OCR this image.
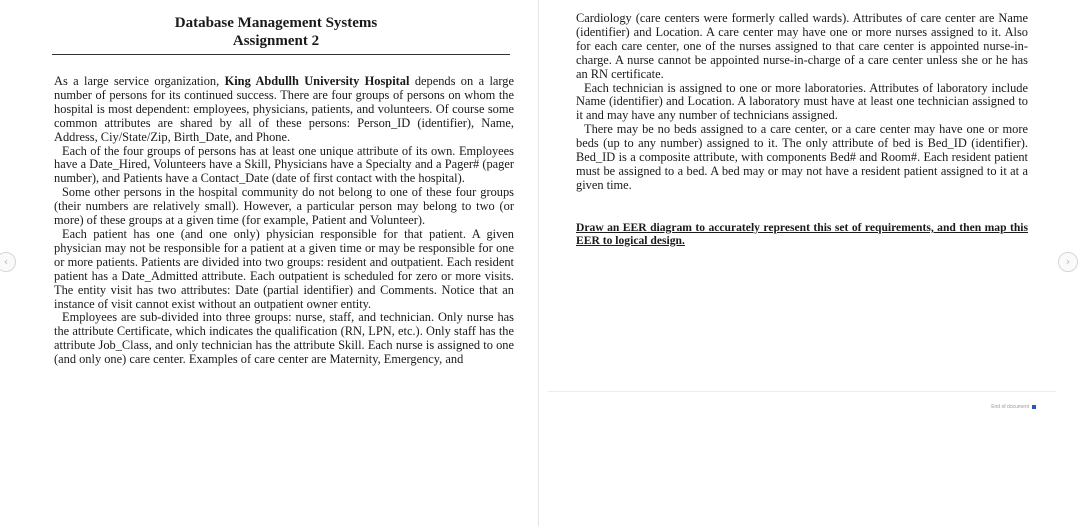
‹
Database Management Systems
Assignment 2

As a large service organization, King Abdullh University Hospital depends on a large number of persons for its continued success. There are four groups of persons on whom the hospital is most dependent: employees, physicians, patients, and volunteers. Of course some common attributes are shared by all of these persons: Person_ID (identifier), Name, Address, Ciy/State/Zip, Birth_Date, and Phone.

Each of the four groups of persons has at least one unique attribute of its own. Employees have a Date_Hired, Volunteers have a Skill, Physicians have a Specialty and a Pager# (pager number), and Patients have a Contact_Date (date of first contact with the hospital).

Some other persons in the hospital community do not belong to one of these four groups (their numbers are relatively small). However, a particular person may belong to two (or more) of these groups at a given time (for example, Patient and Volunteer).

Each patient has one (and one only) physician responsible for that patient. A given physician may not be responsible for a patient at a given time or may be responsible for one or more patients. Patients are divided into two groups: resident and outpatient. Each resident patient has a Date_Admitted attribute. Each outpatient is scheduled for zero or more visits. The entity visit has two attributes: Date (partial identifier) and Comments. Notice that an instance of visit cannot exist without an outpatient owner entity.

Employees are sub-divided into three groups: nurse, staff, and technician. Only nurse has the attribute Certificate, which indicates the qualification (RN, LPN, etc.). Only staff has the attribute Job_Class, and only technician has the attribute Skill. Each nurse is assigned to one (and only one) care center. Examples of care center are Maternity, Emergency, and

Cardiology (care centers were formerly called wards). Attributes of care center are Name (identifier) and Location. A care center may have one or more nurses assigned to it. Also for each care center, one of the nurses assigned to that care center is appointed nurse-in-charge. A nurse cannot be appointed nurse-in-charge of a care center unless she or he has an RN certificate.

Each technician is assigned to one or more laboratories. Attributes of laboratory include Name (identifier) and Location. A laboratory must have at least one technician assigned to it and may have any number of technicians assigned.

There may be no beds assigned to a care center, or a care center may have one or more beds (up to any number) assigned to it. The only attribute of bed is Bed_ID (identifier). Bed_ID is a composite attribute, with components Bed# and Room#. Each resident patient must be assigned to a bed. A bed may or may not have a resident patient assigned to it at a given time.

Draw an EER diagram to accurately represent this set of requirements, and then map this EER to logical design.
End of document
›
